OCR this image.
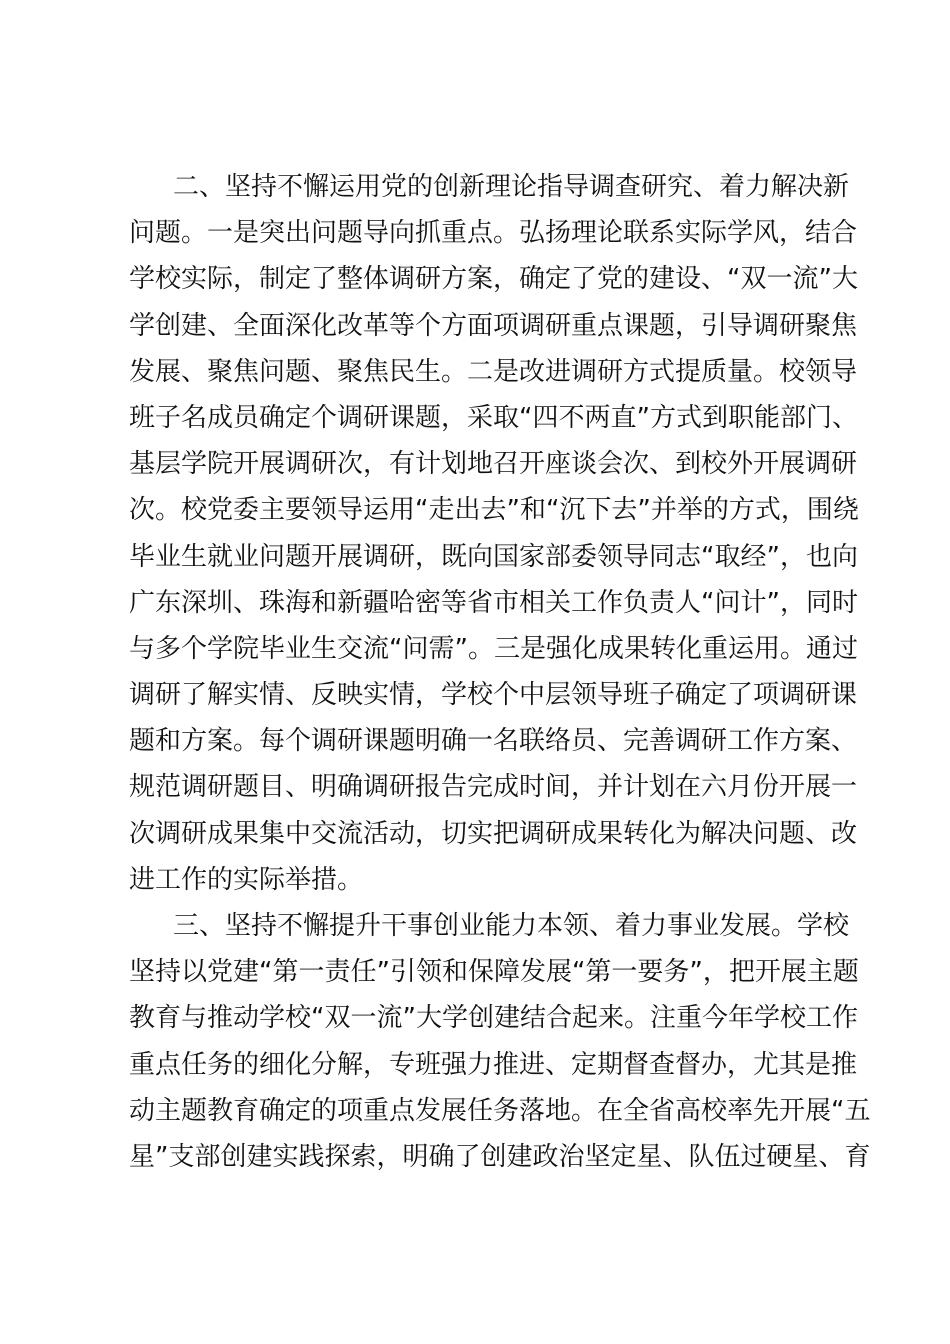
二、坚持不懈运用党的创新理论指导调查研究、着力解决新
问题。一是突出问题导向抓重点。弘扬理论联系实际学风，结合
学校实际，制定了整体调研方案，确定了党的建设、“双一流”大
学创建、全面深化改革等个方面项调研重点课题，引导调研聚焦
发展、聚焦问题、聚焦民生。二是改进调研方式提质量。校领导
班子名成员确定个调研课题，采取“四不两直”方式到职能部门、
基层学院开展调研次，有计划地召开座谈会次、到校外开展调研
次。校党委主要领导运用“走出去”和“沉下去”并举的方式，围绕
毕业生就业问题开展调研，既向国家部委领导同志“取经”，也向
广东深圳、珠海和新疆哈密等省市相关工作负责人“问计”，同时
与多个学院毕业生交流“问需”。三是强化成果转化重运用。通过
调研了解实情、反映实情，学校个中层领导班子确定了项调研课
题和方案。每个调研课题明确一名联络员、完善调研工作方案、
规范调研题目、明确调研报告完成时间，并计划在六月份开展一
次调研成果集中交流活动，切实把调研成果转化为解决问题、改
进工作的实际举措。
三、坚持不懈提升干事创业能力本领、着力事业发展。学校
坚持以党建“第一责任”引领和保障发展“第一要务”，把开展主题
教育与推动学校“双一流”大学创建结合起来。注重今年学校工作
重点任务的细化分解，专班强力推进、定期督查督办，尤其是推
动主题教育确定的项重点发展任务落地。在全省高校率先开展“五
星”支部创建实践探索，明确了创建政治坚定星、队伍过硬星、育
